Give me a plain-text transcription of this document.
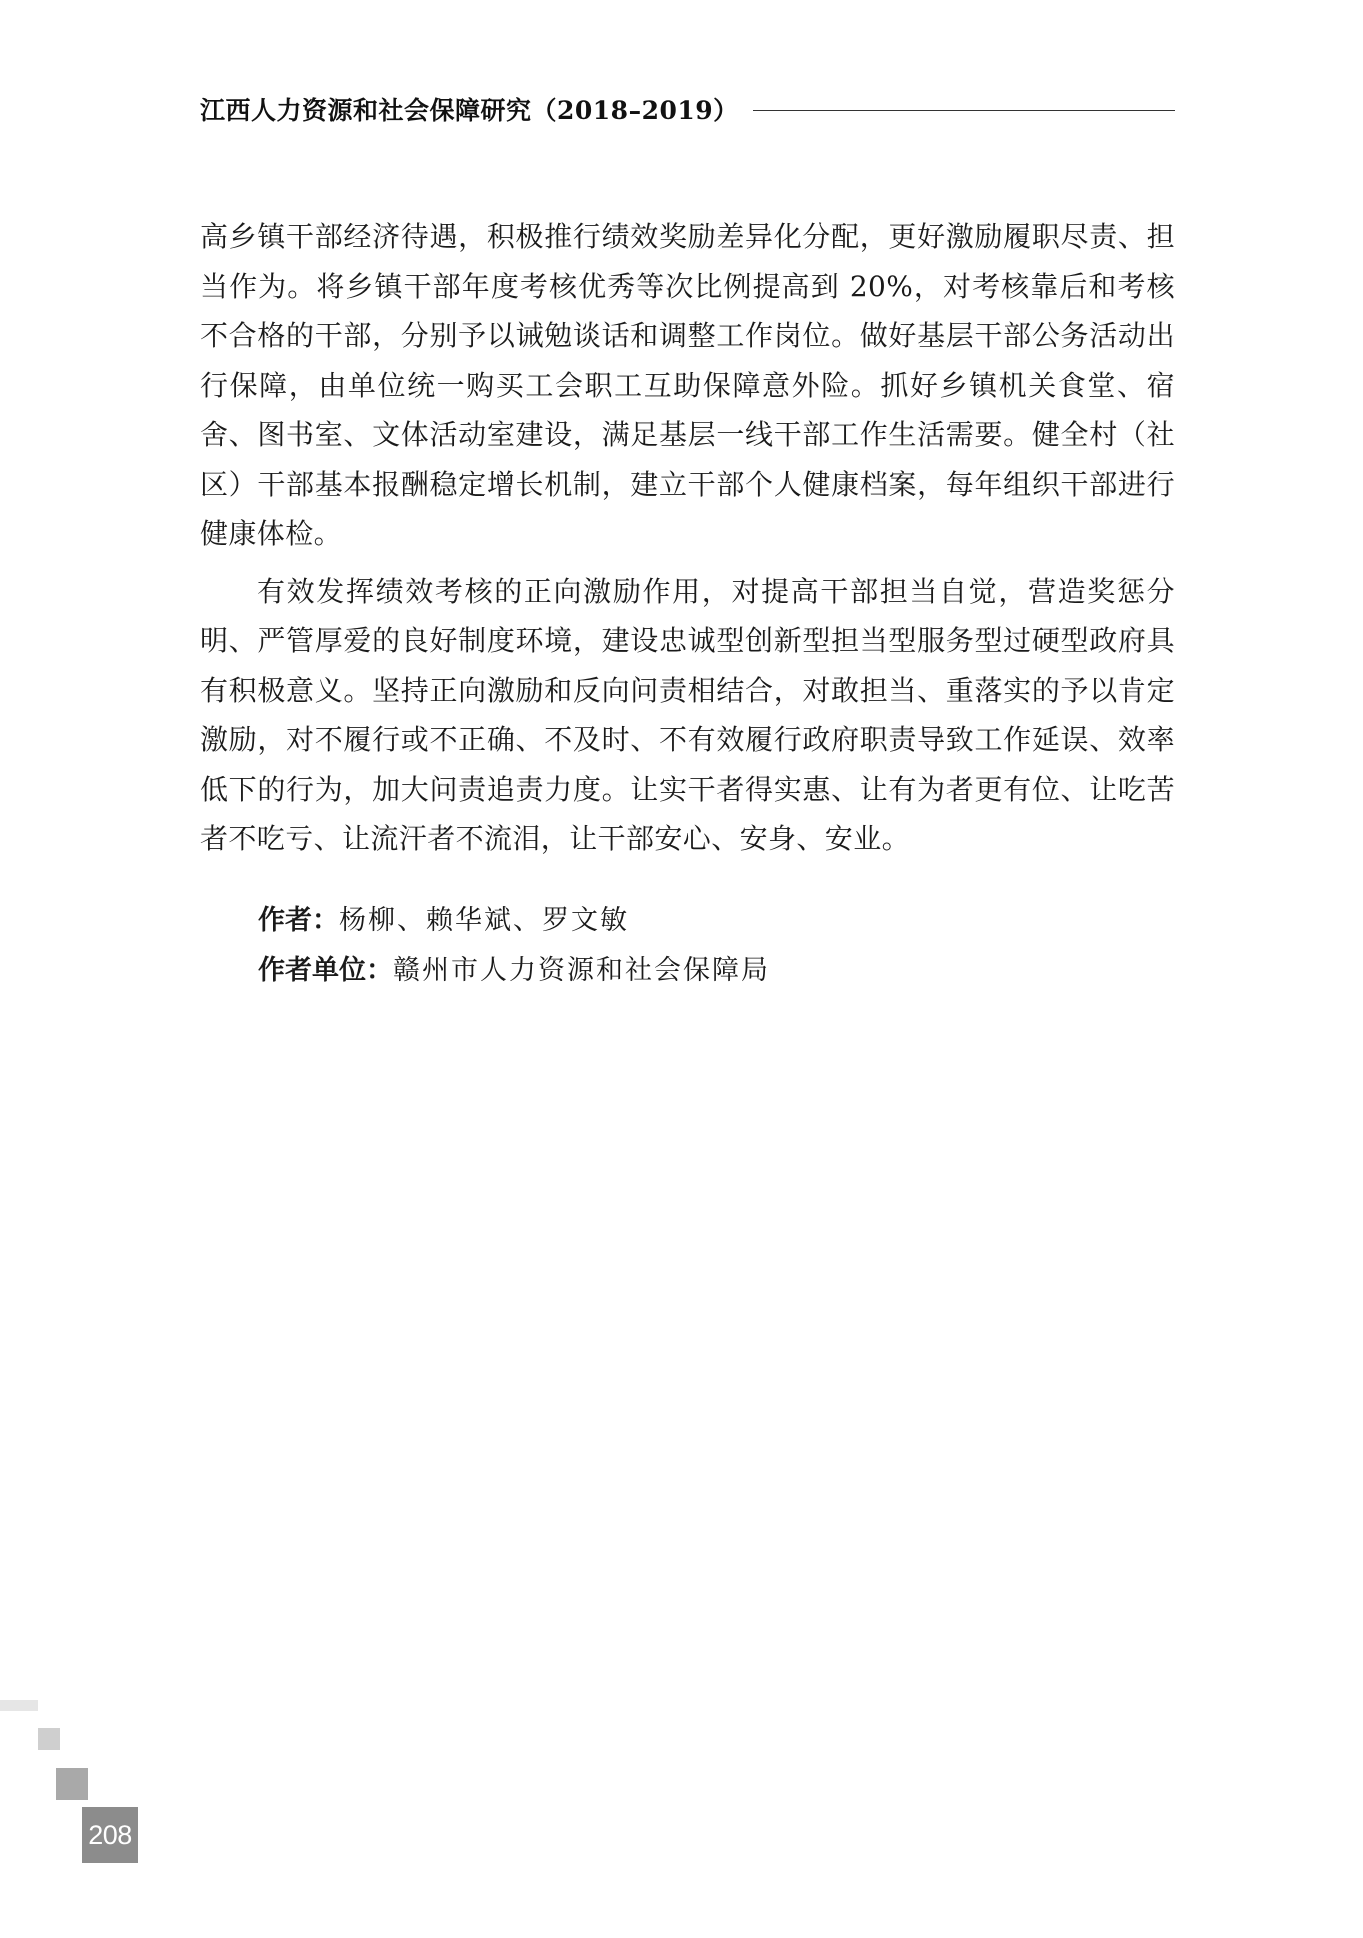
江西人力资源和社会保障研究（2018–2019）

高乡镇干部经济待遇，积极推行绩效奖励差异化分配，更好激励履职尽责、担当作为。将乡镇干部年度考核优秀等次比例提高到 20%，对考核靠后和考核不合格的干部，分别予以诫勉谈话和调整工作岗位。做好基层干部公务活动出行保障，由单位统一购买工会职工互助保障意外险。抓好乡镇机关食堂、宿舍、图书室、文体活动室建设，满足基层一线干部工作生活需要。健全村（社区）干部基本报酬稳定增长机制，建立干部个人健康档案，每年组织干部进行健康体检。

有效发挥绩效考核的正向激励作用，对提高干部担当自觉，营造奖惩分明、严管厚爱的良好制度环境，建设忠诚型创新型担当型服务型过硬型政府具有积极意义。坚持正向激励和反向问责相结合，对敢担当、重落实的予以肯定激励，对不履行或不正确、不及时、不有效履行政府职责导致工作延误、效率低下的行为，加大问责追责力度。让实干者得实惠、让有为者更有位、让吃苦者不吃亏、让流汗者不流泪，让干部安心、安身、安业。

作者：杨柳、赖华斌、罗文敏
作者单位：赣州市人力资源和社会保障局
208
